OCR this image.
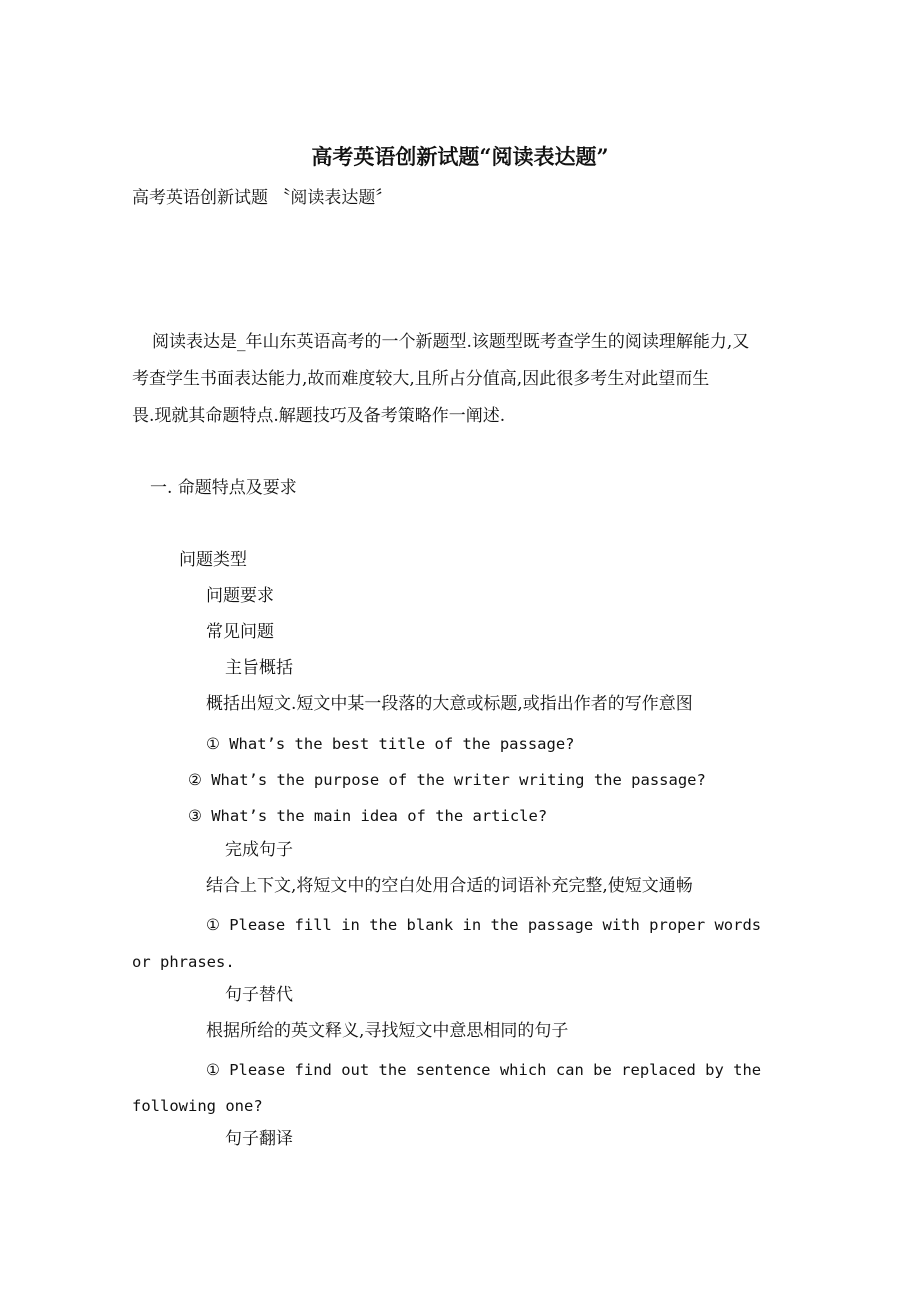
高考英语创新试题“阅读表达题”
高考英语创新试题 〝阅读表达题〞
阅读表达是_年山东英语高考的一个新题型.该题型既考查学生的阅读理解能力,又
考查学生书面表达能力,故而难度较大,且所占分值高,因此很多考生对此望而生
畏.现就其命题特点.解题技巧及备考策略作一阐述.
一. 命题特点及要求
问题类型
问题要求
常见问题
主旨概括
概括出短文.短文中某一段落的大意或标题,或指出作者的写作意图
① What’s the best title of the passage?
② What’s the purpose of the writer writing the passage?
③ What’s the main idea of the article?
完成句子
结合上下文,将短文中的空白处用合适的词语补充完整,使短文通畅
① Please fill in the blank in the passage with proper words
or phrases.
句子替代
根据所给的英文释义,寻找短文中意思相同的句子
① Please find out the sentence which can be replaced by the
following one?
句子翻译
